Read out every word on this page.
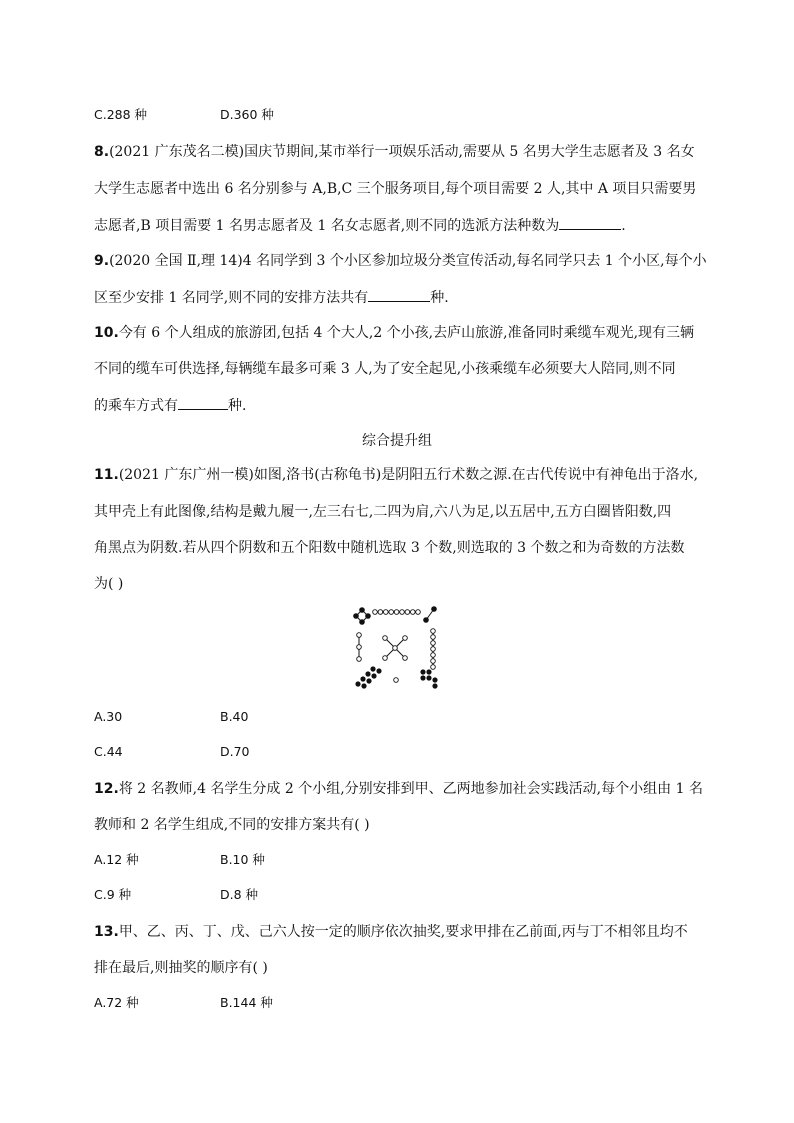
C.288 种	D.360 种
8.(2021 广东茂名二模)国庆节期间,某市举行一项娱乐活动,需要从 5 名男大学生志愿者及 3 名女
大学生志愿者中选出 6 名分别参与 A,B,C 三个服务项目,每个项目需要 2 人,其中 A 项目只需要男
志愿者,B 项目需要 1 名男志愿者及 1 名女志愿者,则不同的选派方法种数为	.
9.(2020 全国 Ⅱ,理 14)4 名同学到 3 个小区参加垃圾分类宣传活动,每名同学只去 1 个小区,每个小
区至少安排 1 名同学,则不同的安排方法共有	种.
10.今有 6 个人组成的旅游团,包括 4 个大人,2 个小孩,去庐山旅游,准备同时乘缆车观光,现有三辆
不同的缆车可供选择,每辆缆车最多可乘 3 人,为了安全起见,小孩乘缆车必须要大人陪同,则不同
的乘车方式有	种.
综合提升组
11.(2021 广东广州一模)如图,洛书(古称龟书)是阴阳五行术数之源.在古代传说中有神龟出于洛水,
其甲壳上有此图像,结构是戴九履一,左三右七,二四为肩,六八为足,以五居中,五方白圈皆阳数,四
角黑点为阴数.若从四个阴数和五个阳数中随机选取 3 个数,则选取的 3 个数之和为奇数的方法数
为( )
A.30	B.40
C.44	D.70
12.将 2 名教师,4 名学生分成 2 个小组,分别安排到甲、乙两地参加社会实践活动,每个小组由 1 名
教师和 2 名学生组成,不同的安排方案共有( )
A.12 种	B.10 种
C.9 种	D.8 种
13.甲、乙、丙、丁、戊、己六人按一定的顺序依次抽奖,要求甲排在乙前面,丙与丁不相邻且均不
排在最后,则抽奖的顺序有( )
A.72 种	B.144 种
